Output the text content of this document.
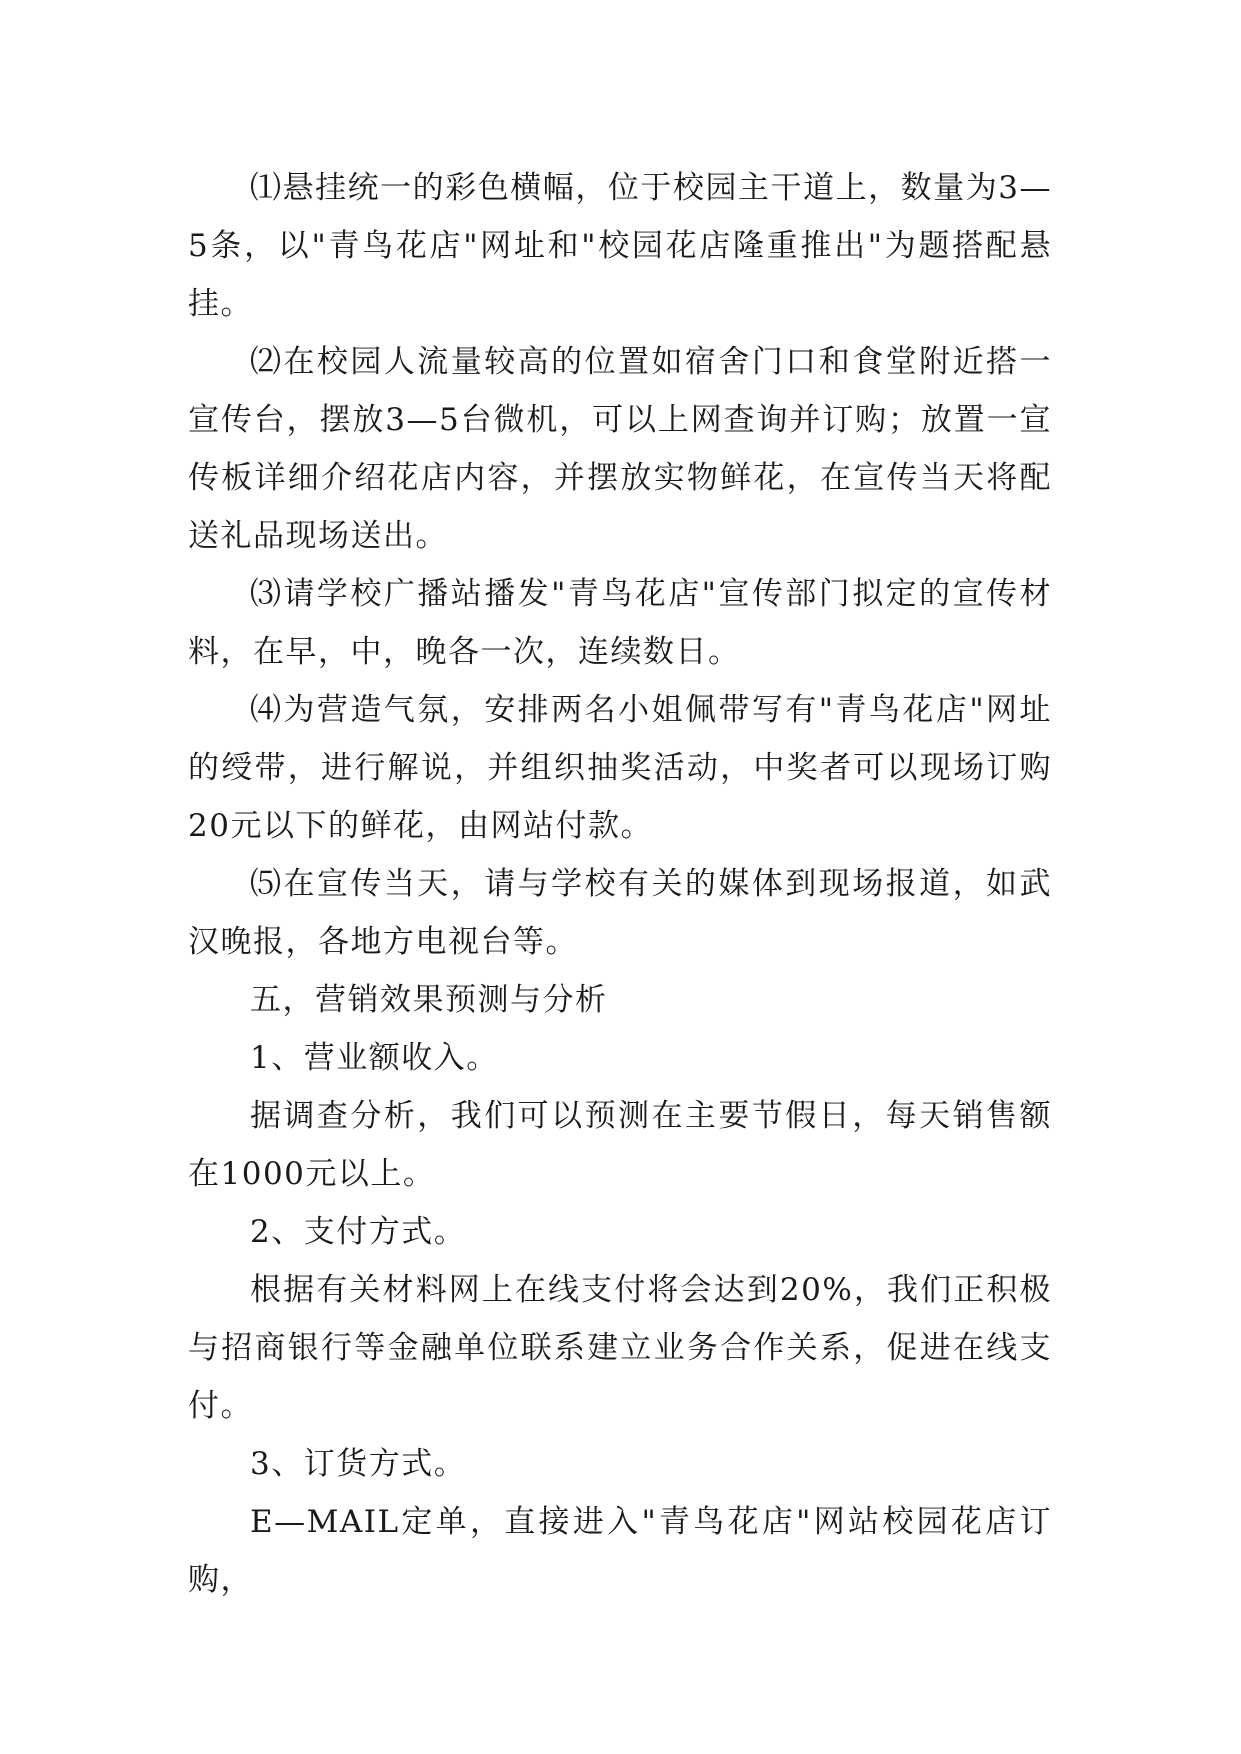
⑴悬挂统一的彩色横幅，位于校园主干道上，数量为3—5条，以"青鸟花店"网址和"校园花店隆重推出"为题搭配悬挂。

⑵在校园人流量较高的位置如宿舍门口和食堂附近搭一宣传台，摆放3—5台微机，可以上网查询并订购；放置一宣传板详细介绍花店内容，并摆放实物鲜花，在宣传当天将配送礼品现场送出。

⑶请学校广播站播发"青鸟花店"宣传部门拟定的宣传材料，在早，中，晚各一次，连续数日。

⑷为营造气氛，安排两名小姐佩带写有"青鸟花店"网址的绶带，进行解说，并组织抽奖活动，中奖者可以现场订购20元以下的鲜花，由网站付款。

⑸在宣传当天，请与学校有关的媒体到现场报道，如武汉晚报，各地方电视台等。

五，营销效果预测与分析

1、营业额收入。

据调查分析，我们可以预测在主要节假日，每天销售额在1000元以上。

2、支付方式。

根据有关材料网上在线支付将会达到20%，我们正积极与招商银行等金融单位联系建立业务合作关系，促进在线支付。

3、订货方式。

E—MAIL定单，直接进入"青鸟花店"网站校园花店订购，
